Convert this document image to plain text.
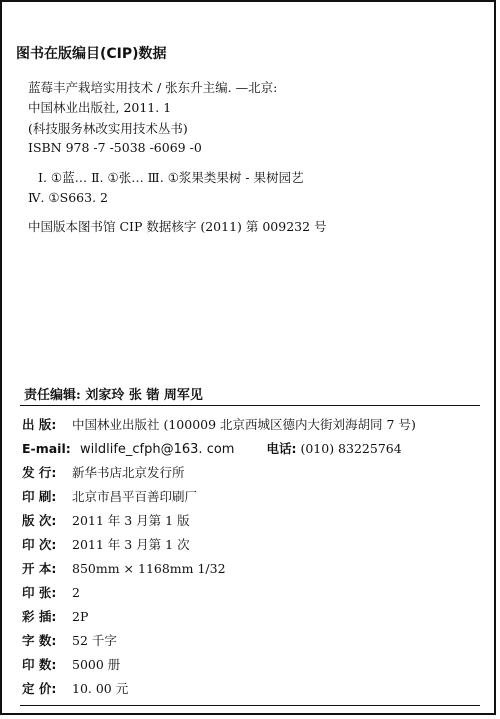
图书在版编目(CIP)数据
蓝莓丰产栽培实用技术 / 张东升主编. —北京:
中国林业出版社, 2011. 1
(科技服务林改实用技术丛书)
ISBN 978 -7 -5038 -6069 -0
Ⅰ. ①蓝… Ⅱ. ①张… Ⅲ. ①浆果类果树 - 果树园艺
Ⅳ. ①S663. 2
中国版本图书馆 CIP 数据核字 (2011) 第 009232 号
责任编辑: 刘家玲 张 锴 周军见
出 版:	中国林业出版社 (100009 北京西城区德内大街刘海胡同 7 号)
E-mail: wildlife_cfph@163. com	电话: (010) 83225764
发 行:	新华书店北京发行所
印 刷:	北京市昌平百善印刷厂
版 次:	2011 年 3 月第 1 版
印 次:	2011 年 3 月第 1 次
开 本:	850mm × 1168mm 1/32
印 张:	2
彩 插:	2P
字 数:	52 千字
印 数:	5000 册
定 价:	10. 00 元
